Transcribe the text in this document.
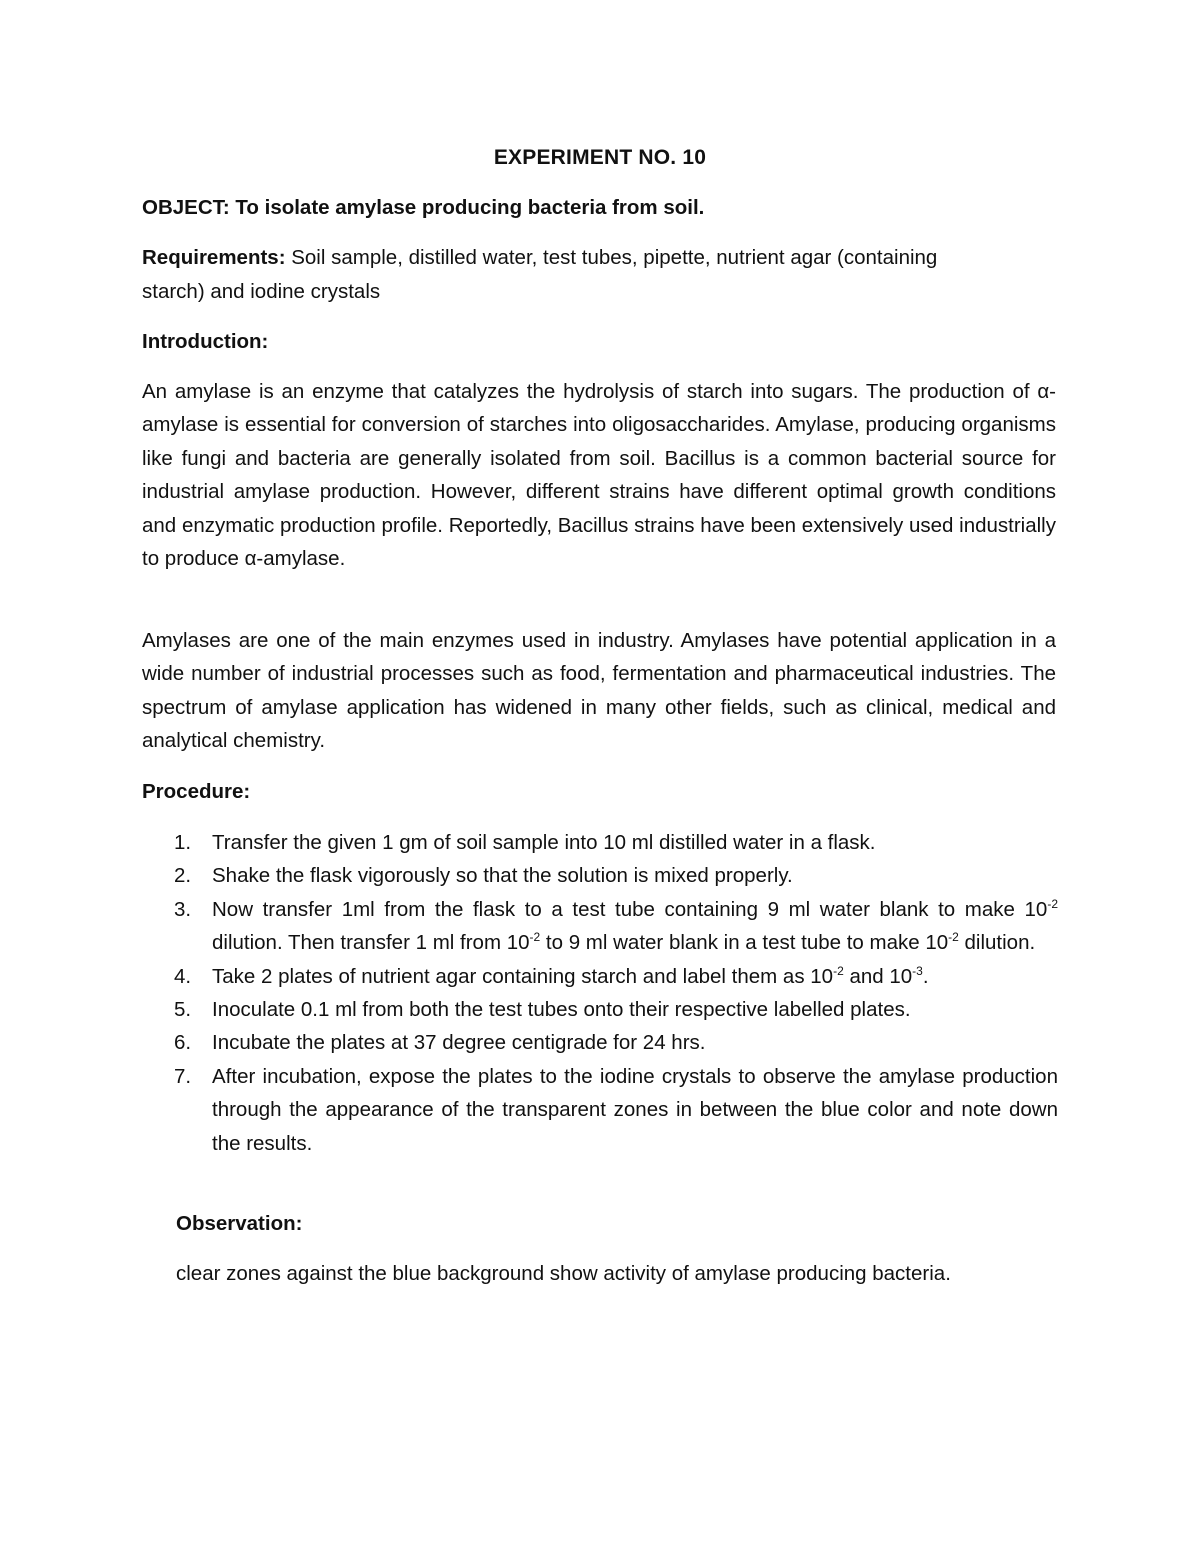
EXPERIMENT NO. 10
OBJECT: To isolate amylase producing bacteria from soil.
Requirements: Soil sample, distilled water, test tubes, pipette, nutrient agar (containing
starch) and iodine crystals
Introduction:
An amylase is an enzyme that catalyzes the hydrolysis of starch into sugars. The production of α-amylase is essential for conversion of starches into oligosaccharides. Amylase, producing organisms like fungi and bacteria are generally isolated from soil. Bacillus is a common bacterial source for industrial amylase production. However, different strains have different optimal growth conditions and enzymatic production profile. Reportedly, Bacillus strains have been extensively used industrially to produce α-amylase.
Amylases are one of the main enzymes used in industry. Amylases have potential application in a wide number of industrial processes such as food, fermentation and pharmaceutical industries. The spectrum of amylase application has widened in many other fields, such as clinical, medical and analytical chemistry.
Procedure:
1. Transfer the given 1 gm of soil sample into 10 ml distilled water in a flask.
2. Shake the flask vigorously so that the solution is mixed properly.
3. Now transfer 1ml from the flask to a test tube containing 9 ml water blank to make $10^{-2}$ dilution. Then transfer 1 ml from $10^{-2}$ to 9 ml water blank in a test tube to make $10^{-2}$ dilution.
4. Take 2 plates of nutrient agar containing starch and label them as $10^{-2}$ and $10^{-3}$.
5. Inoculate 0.1 ml from both the test tubes onto their respective labelled plates.
6. Incubate the plates at 37 degree centigrade for 24 hrs.
7. After incubation, expose the plates to the iodine crystals to observe the amylase production through the appearance of the transparent zones in between the blue color and note down the results.
Observation:
clear zones against the blue background show activity of amylase producing bacteria.
